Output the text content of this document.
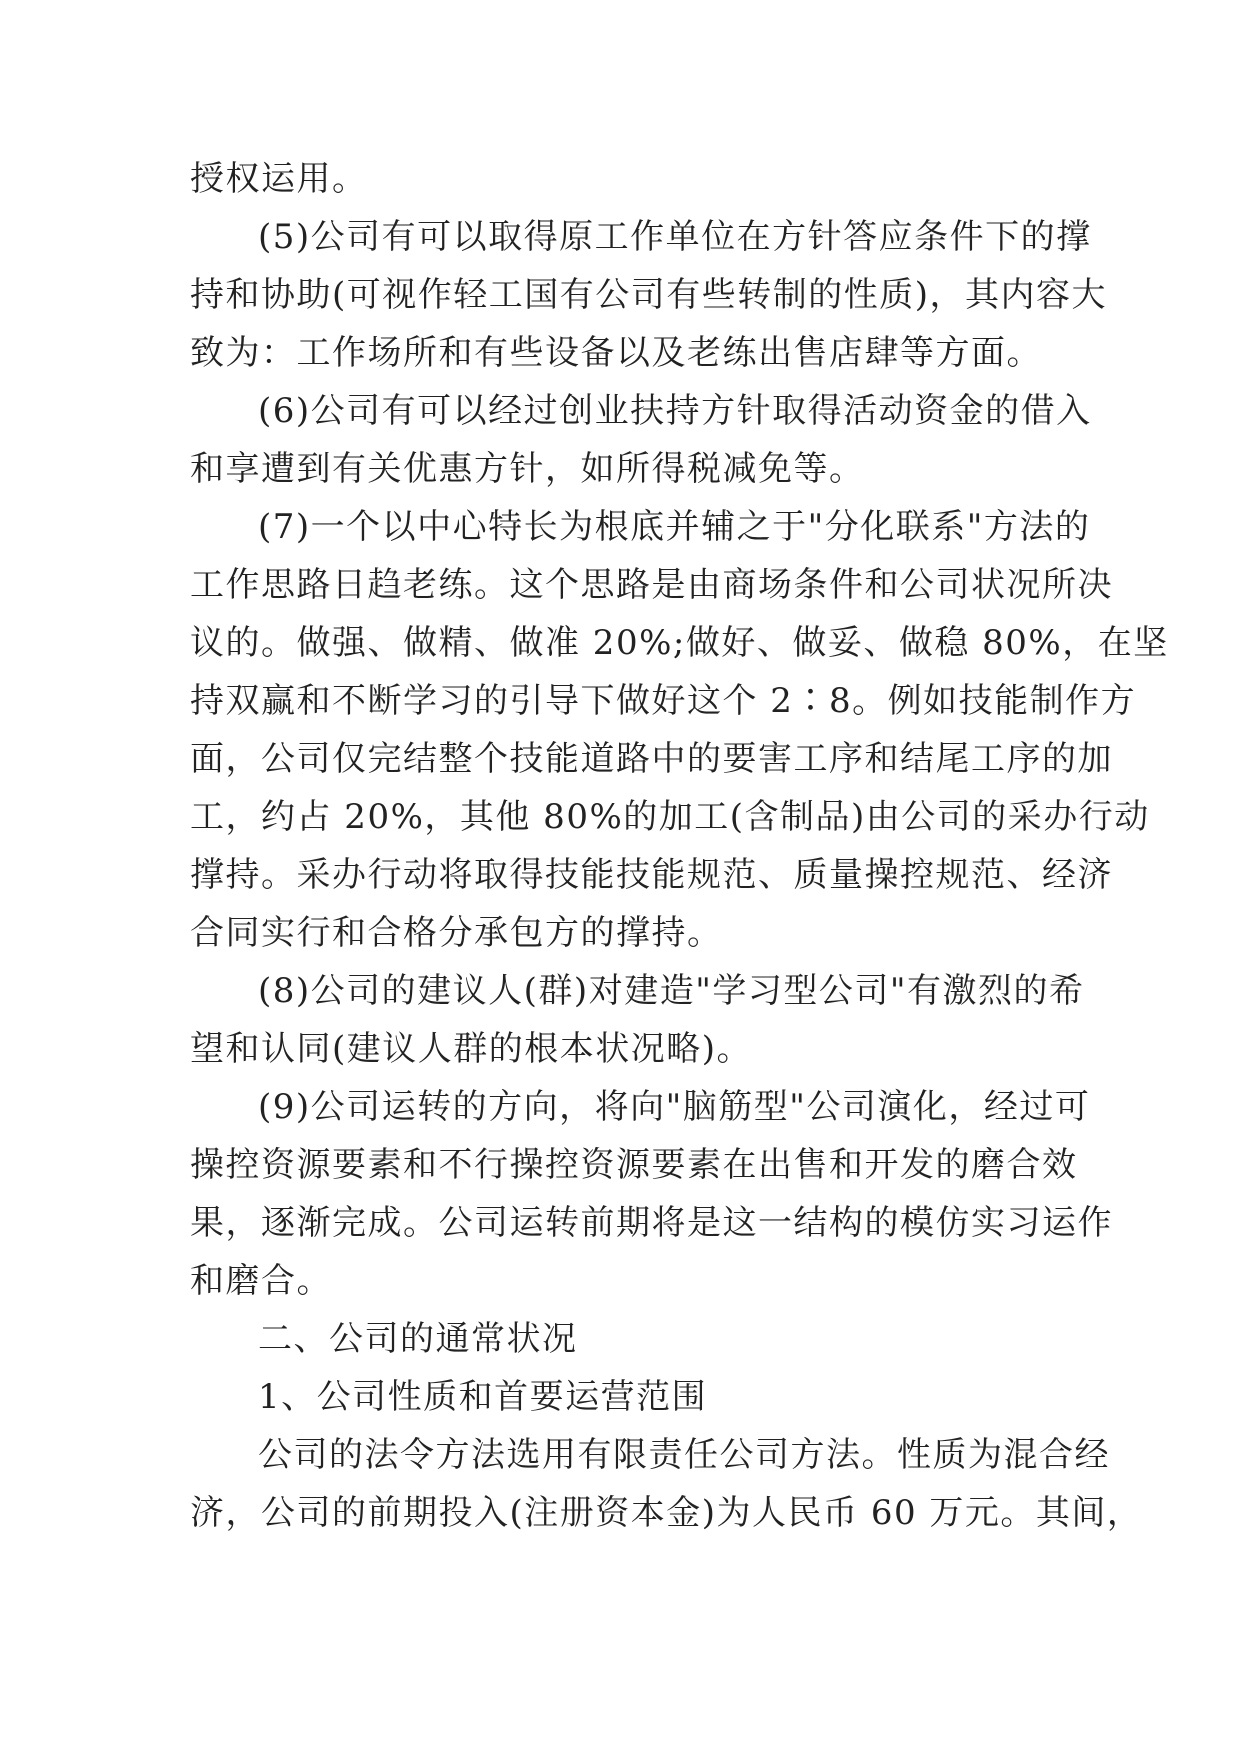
授权运用。
(5)公司有可以取得原工作单位在方针答应条件下的撑
持和协助(可视作轻工国有公司有些转制的性质)，其内容大
致为：工作场所和有些设备以及老练出售店肆等方面。
(6)公司有可以经过创业扶持方针取得活动资金的借入
和享遭到有关优惠方针，如所得税减免等。
(7)一个以中心特长为根底并辅之于"分化联系"方法的
工作思路日趋老练。这个思路是由商场条件和公司状况所决
议的。做强、做精、做准 20%;做好、做妥、做稳 80%，在坚
持双赢和不断学习的引导下做好这个 2∶8。例如技能制作方
面，公司仅完结整个技能道路中的要害工序和结尾工序的加
工，约占 20%，其他 80%的加工(含制品)由公司的采办行动
撑持。采办行动将取得技能技能规范、质量操控规范、经济
合同实行和合格分承包方的撑持。
(8)公司的建议人(群)对建造"学习型公司"有激烈的希
望和认同(建议人群的根本状况略)。
(9)公司运转的方向，将向"脑筋型"公司演化，经过可
操控资源要素和不行操控资源要素在出售和开发的磨合效
果，逐渐完成。公司运转前期将是这一结构的模仿实习运作
和磨合。
二、公司的通常状况
1、公司性质和首要运营范围
公司的法令方法选用有限责任公司方法。性质为混合经
济，公司的前期投入(注册资本金)为人民币 60 万元。其间，
